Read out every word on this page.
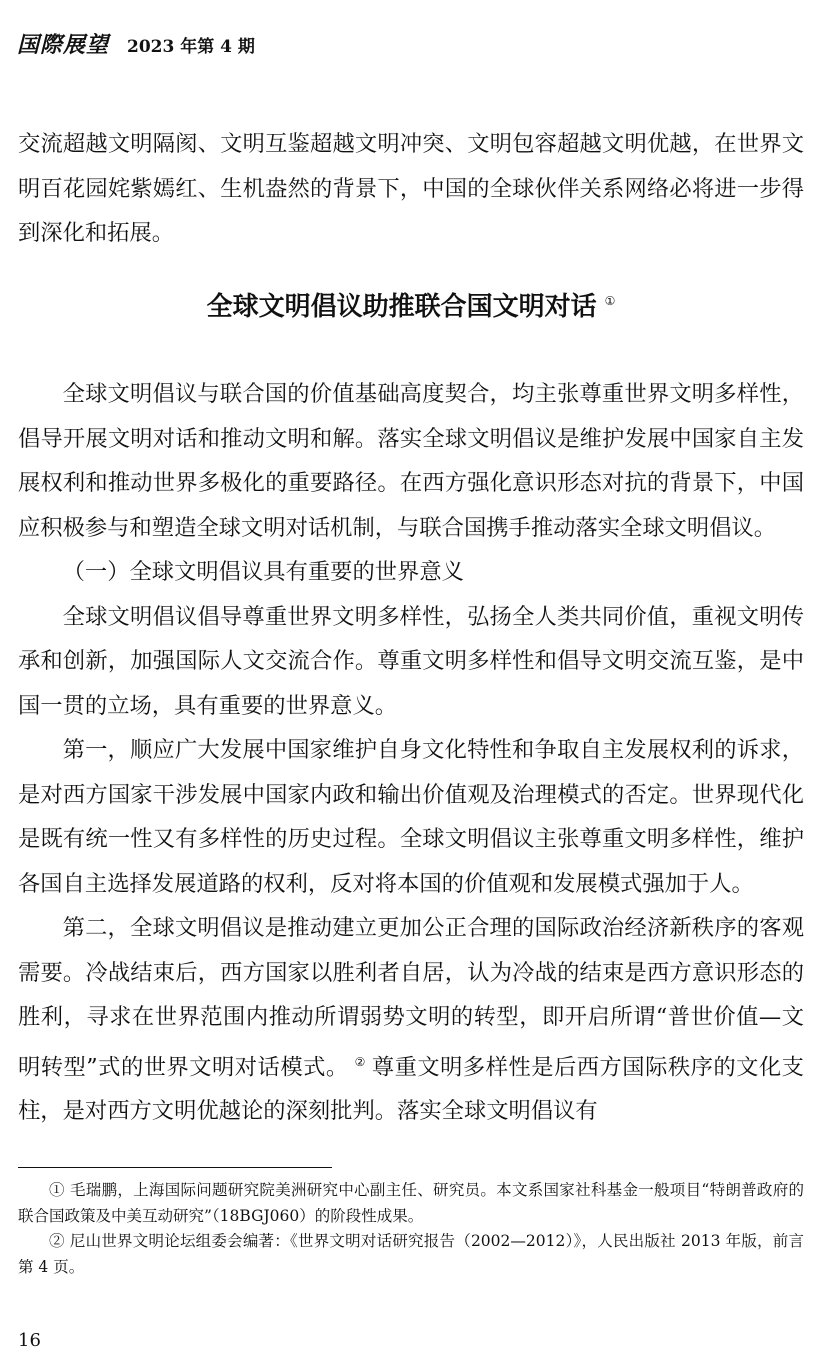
国際展望 2023 年第 4 期

交流超越文明隔阂、文明互鉴超越文明冲突、文明包容超越文明优越，在世界文明百花园姹紫嫣红、生机盎然的背景下，中国的全球伙伴关系网络必将进一步得到深化和拓展。

全球文明倡议助推联合国文明对话 ①

全球文明倡议与联合国的价值基础高度契合，均主张尊重世界文明多样性，倡导开展文明对话和推动文明和解。落实全球文明倡议是维护发展中国家自主发展权利和推动世界多极化的重要路径。在西方强化意识形态对抗的背景下，中国应积极参与和塑造全球文明对话机制，与联合国携手推动落实全球文明倡议。

（一）全球文明倡议具有重要的世界意义

全球文明倡议倡导尊重世界文明多样性，弘扬全人类共同价值，重视文明传承和创新，加强国际人文交流合作。尊重文明多样性和倡导文明交流互鉴，是中国一贯的立场，具有重要的世界意义。

第一，顺应广大发展中国家维护自身文化特性和争取自主发展权利的诉求，是对西方国家干涉发展中国家内政和输出价值观及治理模式的否定。世界现代化是既有统一性又有多样性的历史过程。全球文明倡议主张尊重文明多样性，维护各国自主选择发展道路的权利，反对将本国的价值观和发展模式强加于人。

第二，全球文明倡议是推动建立更加公正合理的国际政治经济新秩序的客观需要。冷战结束后，西方国家以胜利者自居，认为冷战的结束是西方意识形态的胜利，寻求在世界范围内推动所谓弱势文明的转型，即开启所谓“普世价值—文明转型”式的世界文明对话模式。 ② 尊重文明多样性是后西方国际秩序的文化支柱，是对西方文明优越论的深刻批判。落实全球文明倡议有

① 毛瑞鹏，上海国际问题研究院美洲研究中心副主任、研究员。本文系国家社科基金一般项目“特朗普政府的联合国政策及中美互动研究”（18BGJ060）的阶段性成果。

② 尼山世界文明论坛组委会编著：《世界文明对话研究报告（2002—2012）》，人民出版社 2013 年版，前言第 4 页。

16
